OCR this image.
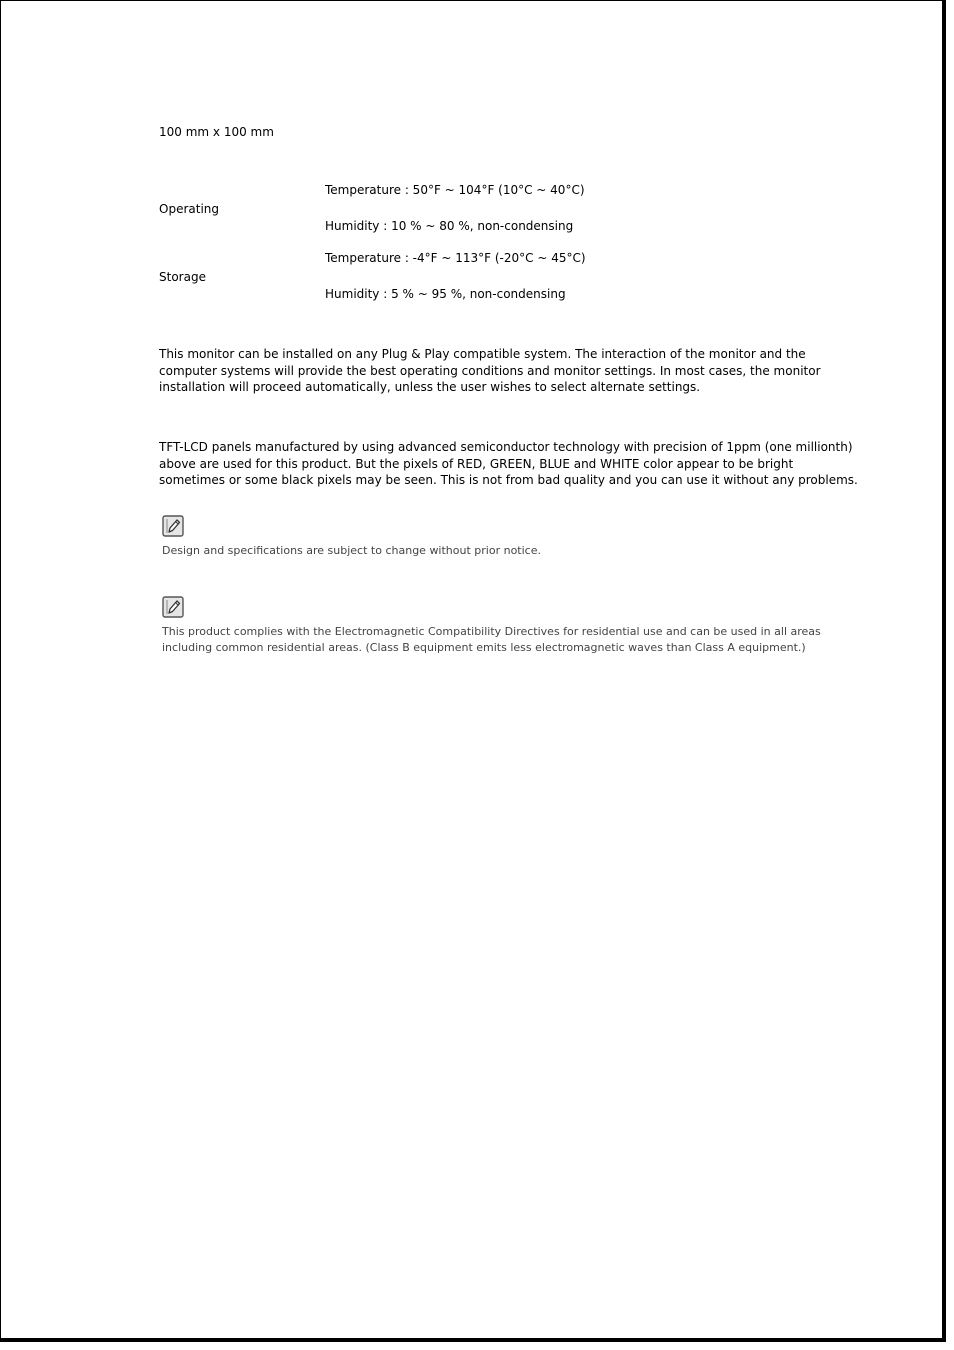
100 mm x 100 mm
Temperature : 50°F ~ 104°F (10°C ~ 40°C)
Operating
Humidity : 10 % ~ 80 %, non-condensing
Temperature : -4°F ~ 113°F (-20°C ~ 45°C)
Storage
Humidity : 5 % ~ 95 %, non-condensing
This monitor can be installed on any Plug & Play compatible system. The interaction of the monitor and the
computer systems will provide the best operating conditions and monitor settings. In most cases, the monitor
installation will proceed automatically, unless the user wishes to select alternate settings.
TFT-LCD panels manufactured by using advanced semiconductor technology with precision of 1ppm (one millionth)
above are used for this product. But the pixels of RED, GREEN, BLUE and WHITE color appear to be bright
sometimes or some black pixels may be seen. This is not from bad quality and you can use it without any problems.
Design and specifications are subject to change without prior notice.
This product complies with the Electromagnetic Compatibility Directives for residential use and can be used in all areas
including common residential areas. (Class B equipment emits less electromagnetic waves than Class A equipment.)
